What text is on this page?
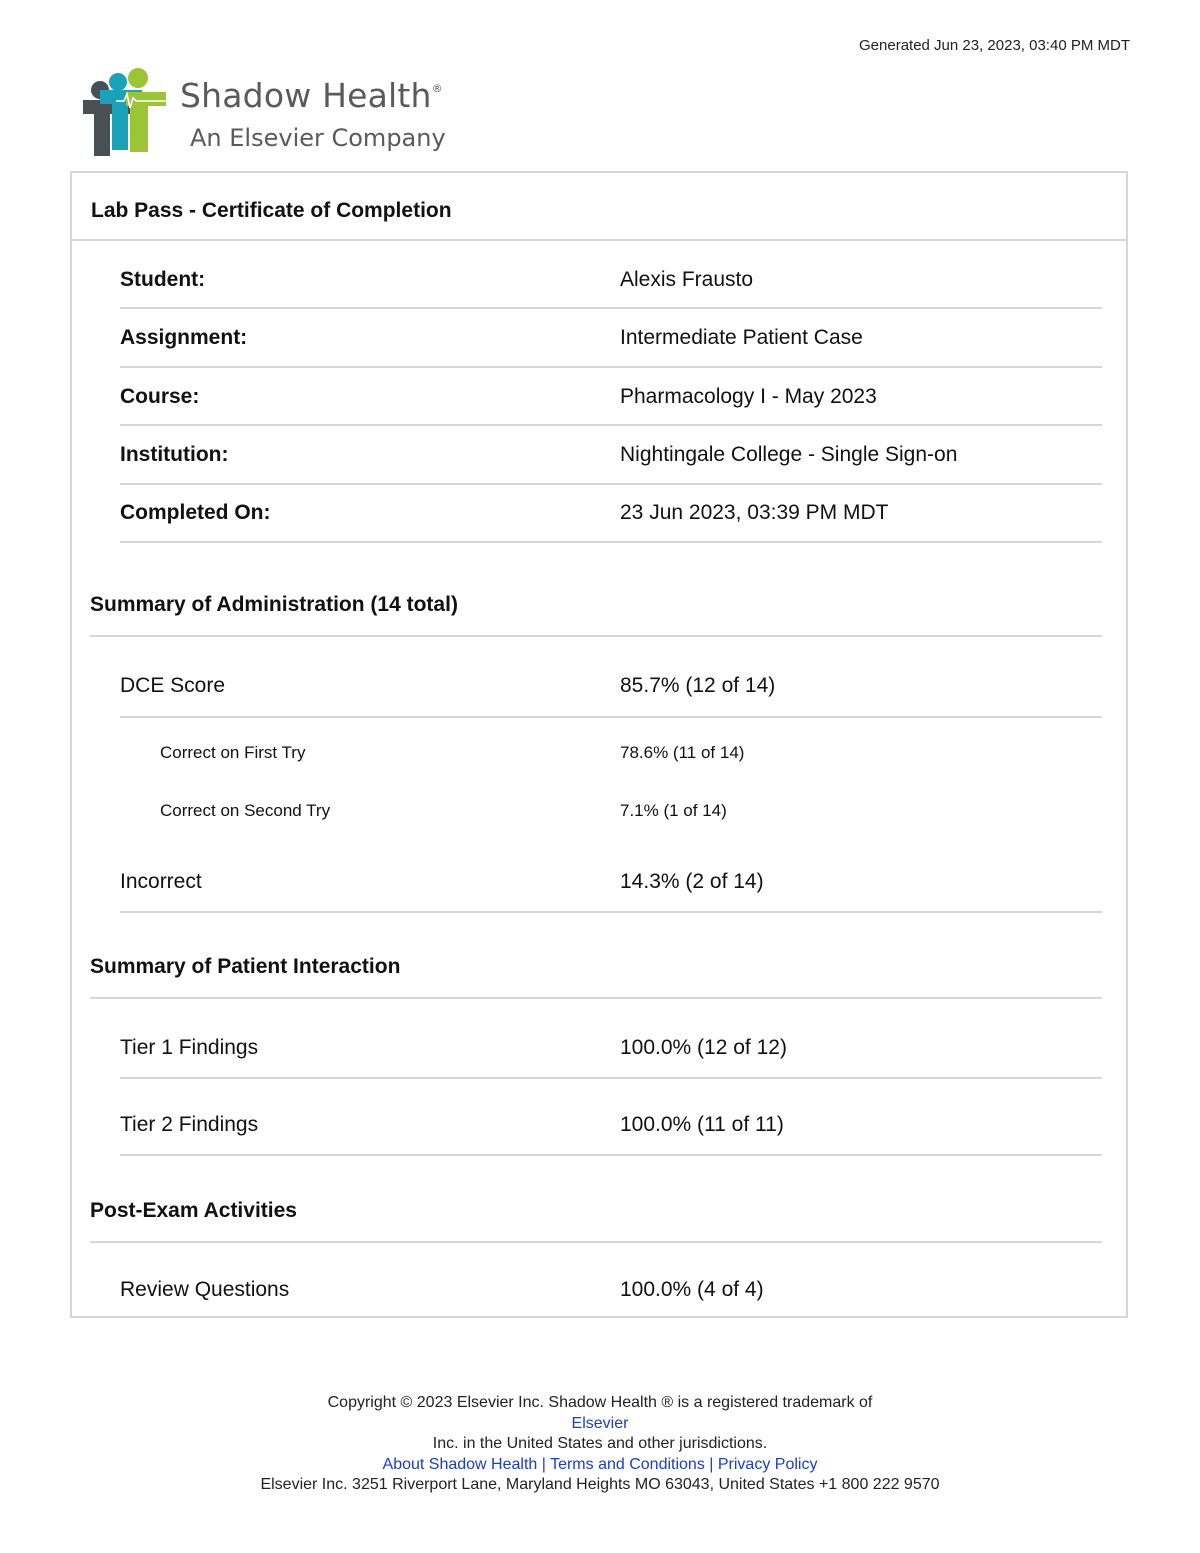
Generated Jun 23, 2023, 03:40 PM MDT
Shadow Health®
An Elsevier Company
Lab Pass - Certificate of Completion
Student:	Alexis Frausto
Assignment:	Intermediate Patient Case
Course:	Pharmacology I - May 2023
Institution:	Nightingale College - Single Sign-on
Completed On:	23 Jun 2023, 03:39 PM MDT
Summary of Administration (14 total)
DCE Score	85.7% (12 of 14)
Correct on First Try	78.6% (11 of 14)
Correct on Second Try	7.1% (1 of 14)
Incorrect	14.3% (2 of 14)
Summary of Patient Interaction
Tier 1 Findings	100.0% (12 of 12)
Tier 2 Findings	100.0% (11 of 11)
Post-Exam Activities
Review Questions	100.0% (4 of 4)
Copyright © 2023 Elsevier Inc. Shadow Health ® is a registered trademark of
Elsevier
Inc. in the United States and other jurisdictions.
About Shadow Health | Terms and Conditions | Privacy Policy
Elsevier Inc. 3251 Riverport Lane, Maryland Heights MO 63043, United States +1 800 222 9570
